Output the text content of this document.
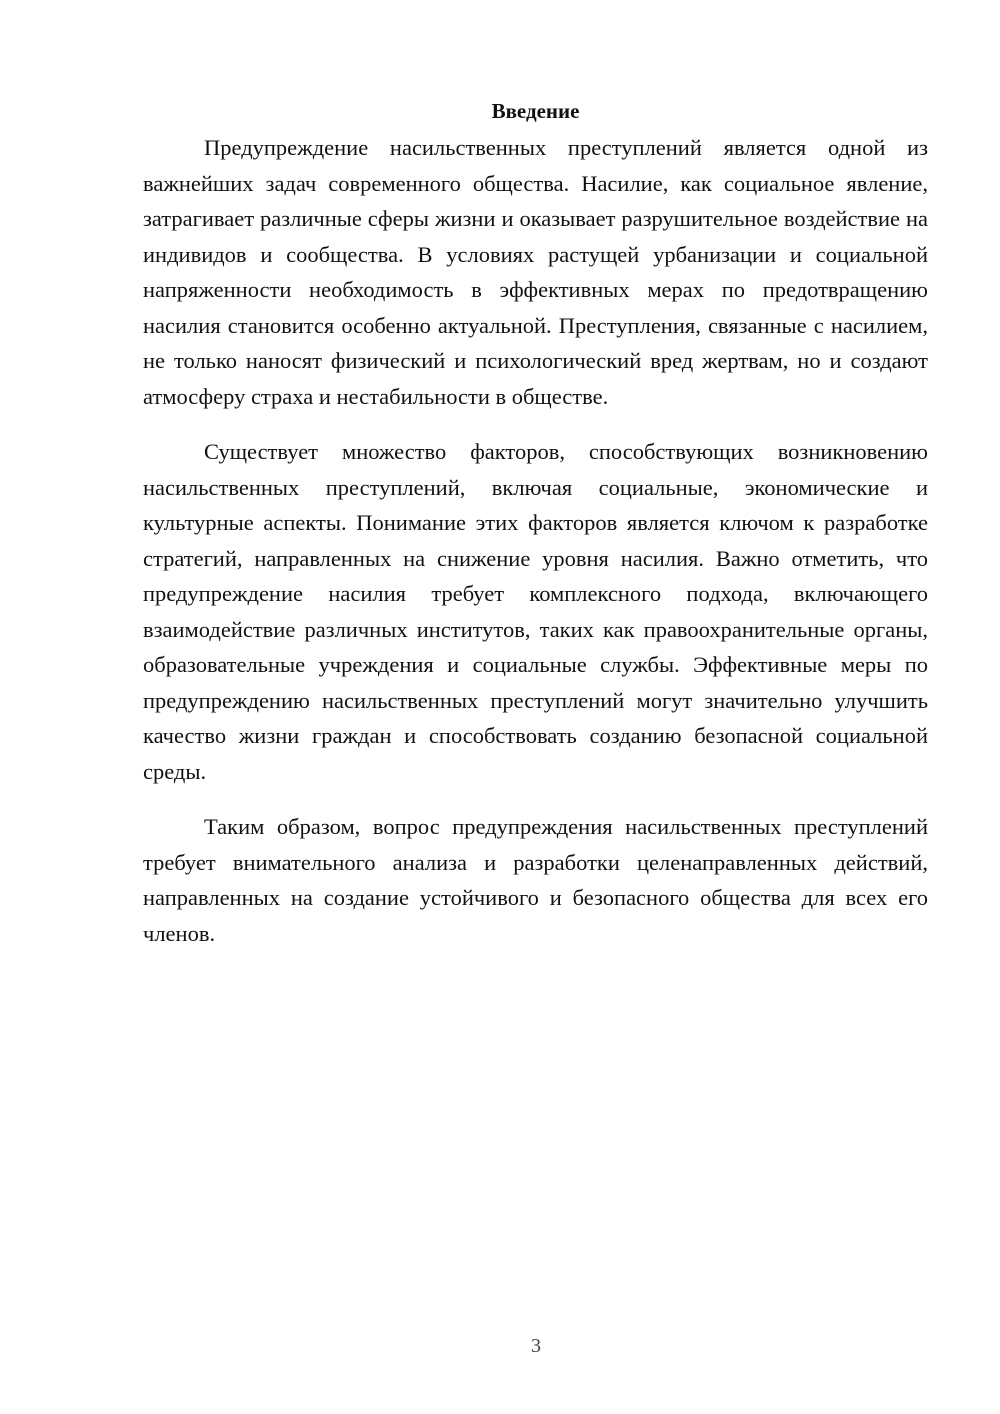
Введение

Предупреждение насильственных преступлений является одной из важнейших задач современного общества. Насилие, как социальное явление, затрагивает различные сферы жизни и оказывает разрушительное воздействие на индивидов и сообщества. В условиях растущей урбанизации и социальной напряженности необходимость в эффективных мерах по предотвращению насилия становится особенно актуальной. Преступления, связанные с насилием, не только наносят физический и психологический вред жертвам, но и создают атмосферу страха и нестабильности в обществе.

Существует множество факторов, способствующих возникновению насильственных преступлений, включая социальные, экономические и культурные аспекты. Понимание этих факторов является ключом к разработке стратегий, направленных на снижение уровня насилия. Важно отметить, что предупреждение насилия требует комплексного подхода, включающего взаимодействие различных институтов, таких как правоохранительные органы, образовательные учреждения и социальные службы. Эффективные меры по предупреждению насильственных преступлений могут значительно улучшить качество жизни граждан и способствовать созданию безопасной социальной среды.

Таким образом, вопрос предупреждения насильственных преступлений требует внимательного анализа и разработки целенаправленных действий, направленных на создание устойчивого и безопасного общества для всех его членов.

3
